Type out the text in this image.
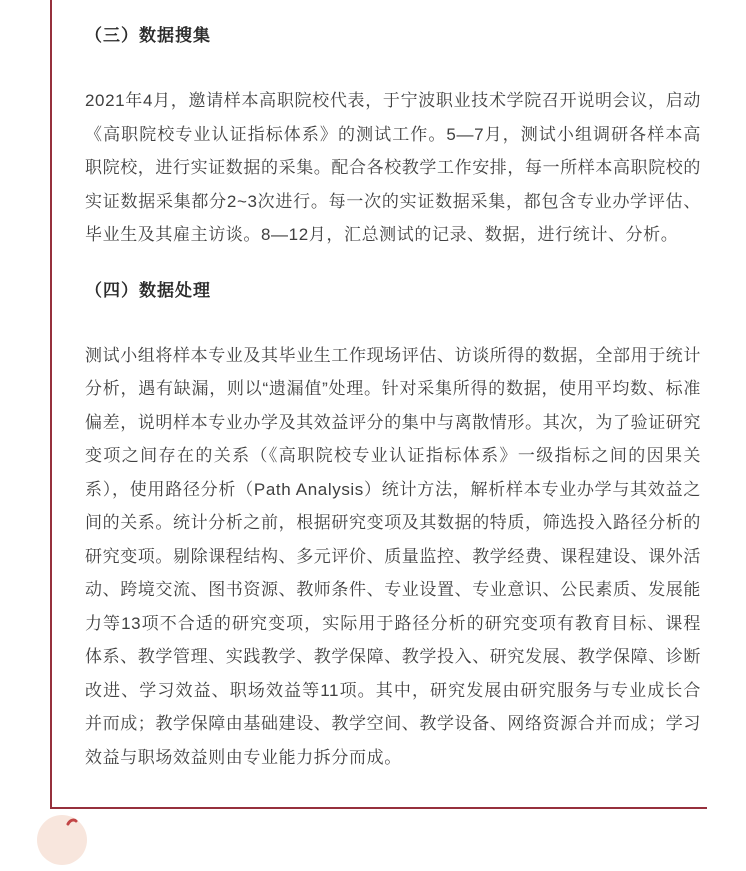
（三）数据搜集

2021年4月，邀请样本高职院校代表，于宁波职业技术学院召开说明会议，启动《高职院校专业认证指标体系》的测试工作。5—7月，测试小组调研各样本高职院校，进行实证数据的采集。配合各校教学工作安排，每一所样本高职院校的实证数据采集都分2~3次进行。每一次的实证数据采集，都包含专业办学评估、毕业生及其雇主访谈。8—12月，汇总测试的记录、数据，进行统计、分析。

（四）数据处理

测试小组将样本专业及其毕业生工作现场评估、访谈所得的数据，全部用于统计分析，遇有缺漏，则以“遗漏值”处理。针对采集所得的数据，使用平均数、标准偏差，说明样本专业办学及其效益评分的集中与离散情形。其次，为了验证研究变项之间存在的关系（《高职院校专业认证指标体系》一级指标之间的因果关系），使用路径分析（Path Analysis）统计方法，解析样本专业办学与其效益之间的关系。统计分析之前，根据研究变项及其数据的特质，筛选投入路径分析的研究变项。剔除课程结构、多元评价、质量监控、教学经费、课程建设、课外活动、跨境交流、图书资源、教师条件、专业设置、专业意识、公民素质、发展能力等13项不合适的研究变项，实际用于路径分析的研究变项有教育目标、课程体系、教学管理、实践教学、教学保障、教学投入、研究发展、教学保障、诊断改进、学习效益、职场效益等11项。其中，研究发展由研究服务与专业成长合并而成；教学保障由基础建设、教学空间、教学设备、网络资源合并而成；学习效益与职场效益则由专业能力拆分而成。
